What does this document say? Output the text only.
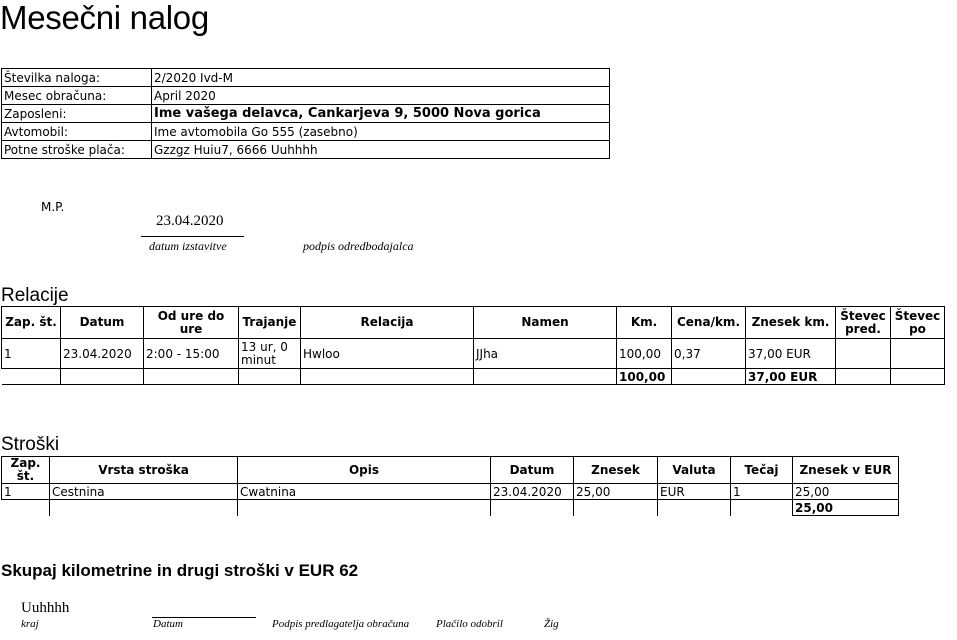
Mesečni nalog
Številka naloga:	2/2020 Ivd-M
Mesec obračuna:	April 2020
Zaposleni:	Ime vašega delavca, Cankarjeva 9, 5000 Nova gorica
Avtomobil:	Ime avtomobila Go 555 (zasebno)
Potne stroške plača:	Gzzgz Huiu7, 6666 Uuhhhh
M.P.
23.04.2020
datum izstavitve	podpis odredbodajalca
Relacije
Zap. št.	Datum	Od ure do ure	Trajanje	Relacija	Namen	Km.	Cena/km.	Znesek km.	Števec pred.	Števec po
1	23.04.2020	2:00 - 15:00	13 ur, 0 minut	Hwloo	JJha	100,00	0,37	37,00 EUR		
						100,00		37,00 EUR		
Stroški
Zap. št.	Vrsta stroška	Opis	Datum	Znesek	Valuta	Tečaj	Znesek v EUR
1	Cestnina	Cwatnina	23.04.2020	25,00	EUR	1	25,00
							25,00
Skupaj kilometrine in drugi stroški v EUR 62
Uuhhhh
kraj	Datum	Podpis predlagatelja obračuna Plačilo odobril	Žig
